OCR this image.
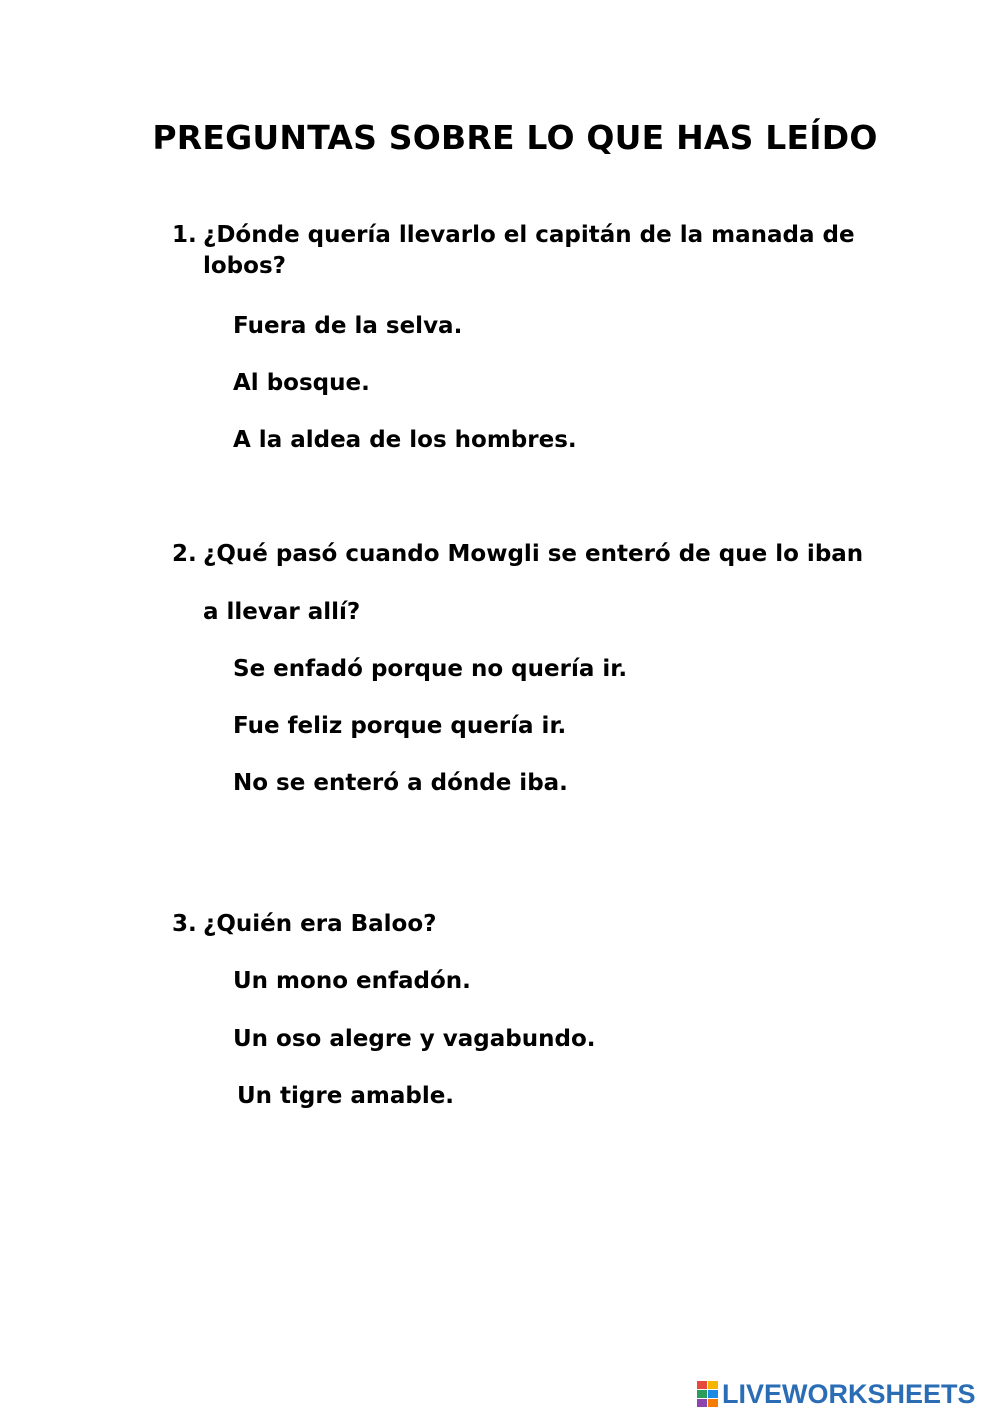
PREGUNTAS SOBRE LO QUE HAS LEÍDO
1. ¿Dónde quería llevarlo el capitán de la manada de
lobos?
Fuera de la selva.
Al bosque.
A la aldea de los hombres.
2. ¿Qué pasó cuando Mowgli se enteró de que lo iban
a llevar allí?
Se enfadó porque no quería ir.
Fue feliz porque quería ir.
No se enteró a dónde iba.
3. ¿Quién era Baloo?
Un mono enfadón.
Un oso alegre y vagabundo.
Un tigre amable.
LIVEWORKSHEETS
